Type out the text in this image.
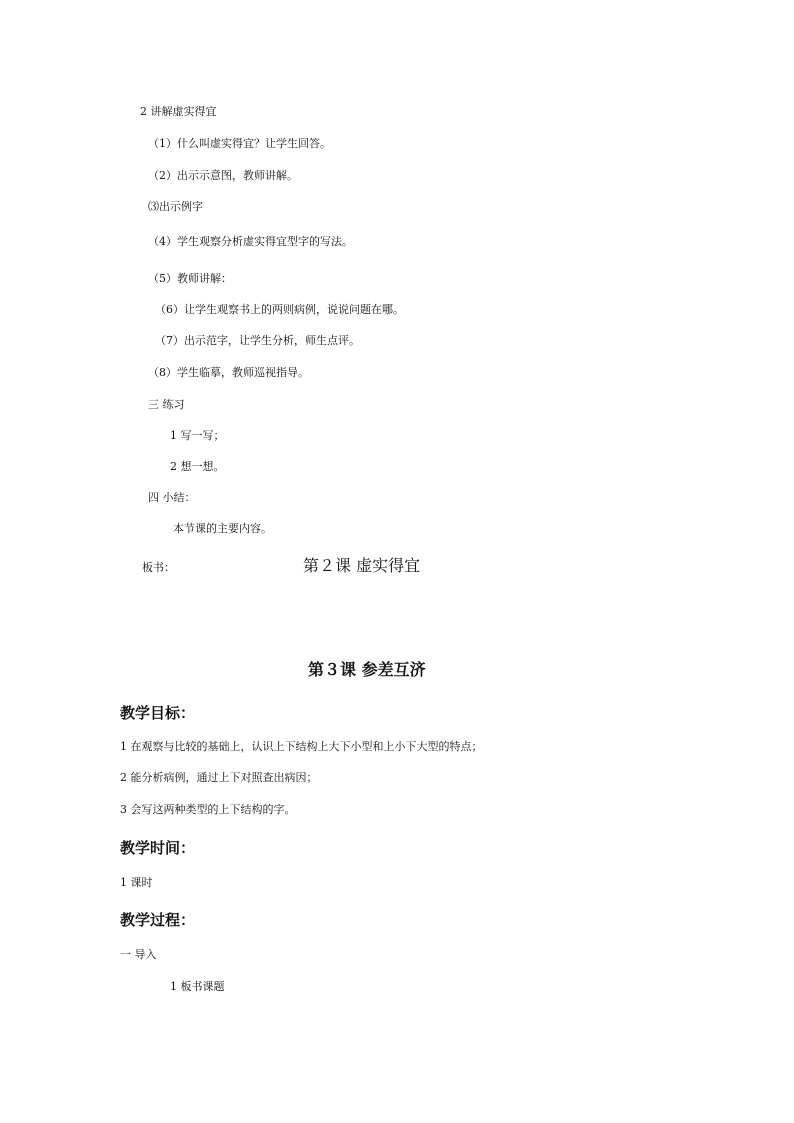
2 讲解虚实得宜
（1）什么叫虚实得宜？让学生回答。
（2）出示示意图，教师讲解。
⑶出示例字
（4）学生观察分析虚实得宜型字的写法。
（5）教师讲解：
（6）让学生观察书上的两则病例，说说问题在哪。
（7）出示范字，让学生分析，师生点评。
（8）学生临摹，教师巡视指导。
三 练习
1 写一写；
2 想一想。
四 小结：
本节课的主要内容。
板书：	第２课 虚实得宜
第３课 参差互济
教学目标：
1 在观察与比较的基础上，认识上下结构上大下小型和上小下大型的特点；
2 能分析病例，通过上下对照查出病因；
3 会写这两种类型的上下结构的字。
教学时间：
1 课时
教学过程：
一 导入
1 板书课题
